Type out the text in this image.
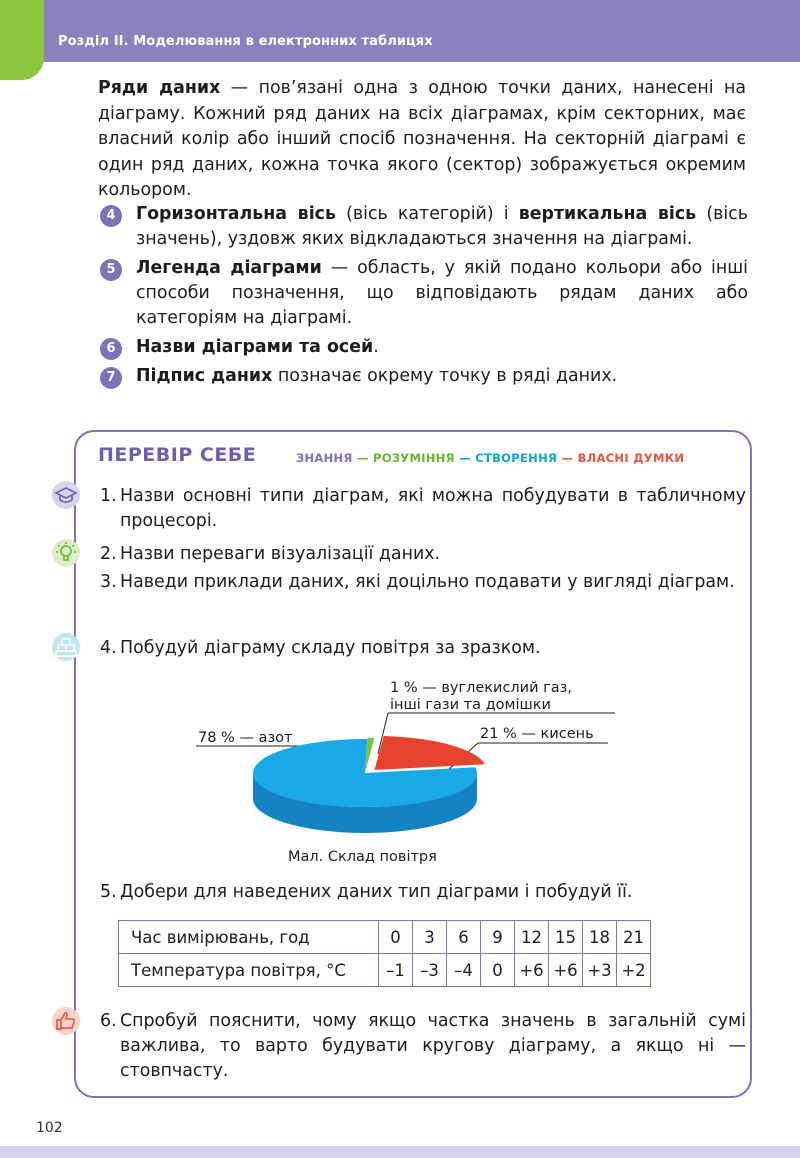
Розділ II. Моделювання в електронних таблицях
Ряди даних — пов’язані одна з одною точки даних, нанесені на діаграму. Кожний ряд даних на всіх діаграмах, крім секторних, має власний колір або інший спосіб позначення. На секторній діаграмі є один ряд даних, кожна точка якого (сектор) зображується окремим кольором.
4	Горизонтальна вісь (вісь категорій) і вертикальна вісь (вісь значень), уздовж яких відкладаються значення на діаграмі.
5	Легенда діаграми — область, у якій подано кольори або інші способи позначення, що відповідають рядам даних або категоріям на діаграмі.
6	Назви діаграми та осей.
7	Підпис даних позначає окрему точку в ряді даних.
ПЕРЕВІР СЕБЕ	ЗНАННЯ — РОЗУМІННЯ — СТВОРЕННЯ — ВЛАСНІ ДУМКИ
1. Назви основні типи діаграм, які можна побудувати в табличному процесорі.
2. Назви переваги візуалізації даних.
3. Наведи приклади даних, які доцільно подавати у вигляді діаграм.
4. Побудуй діаграму складу повітря за зразком.
1 % — вуглекислий газ,
інші гази та домішки
21 % — кисень
78 % — азот
Мал. Склад повітря
5. Добери для наведених даних тип діаграми і побудуй її.
Час вимірювань, год	0	3	6	9	12	15	18	21
Температура повітря, °C	–1	–3	–4	0	+6	+6	+3	+2
6. Спробуй пояснити, чому якщо частка значень в загальній сумі важлива, то варто будувати кругову діаграму, а якщо ні — стовпчасту.
102
